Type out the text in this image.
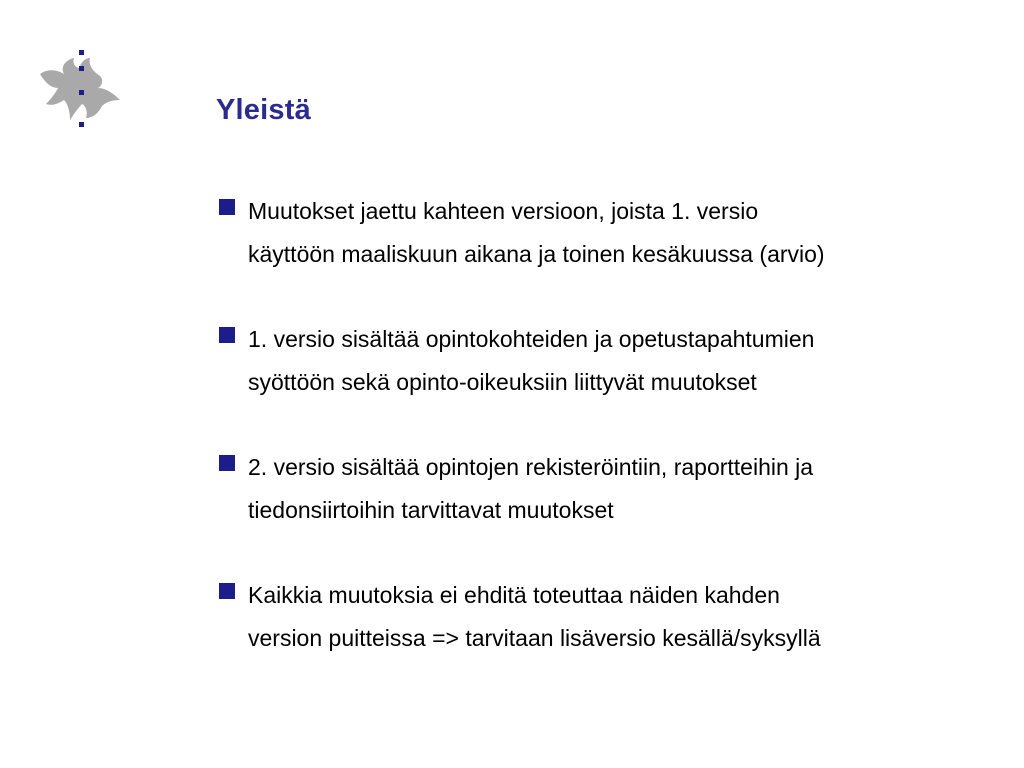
Yleistä
Muutokset jaettu kahteen versioon, joista 1. versio
käyttöön maaliskuun aikana ja toinen kesäkuussa (arvio)
1. versio sisältää opintokohteiden ja opetustapahtumien
syöttöön sekä opinto-oikeuksiin liittyvät muutokset
2. versio sisältää opintojen rekisteröintiin, raportteihin ja
tiedonsiirtoihin tarvittavat muutokset
Kaikkia muutoksia ei ehditä toteuttaa näiden kahden
version puitteissa => tarvitaan lisäversio kesällä/syksyllä
